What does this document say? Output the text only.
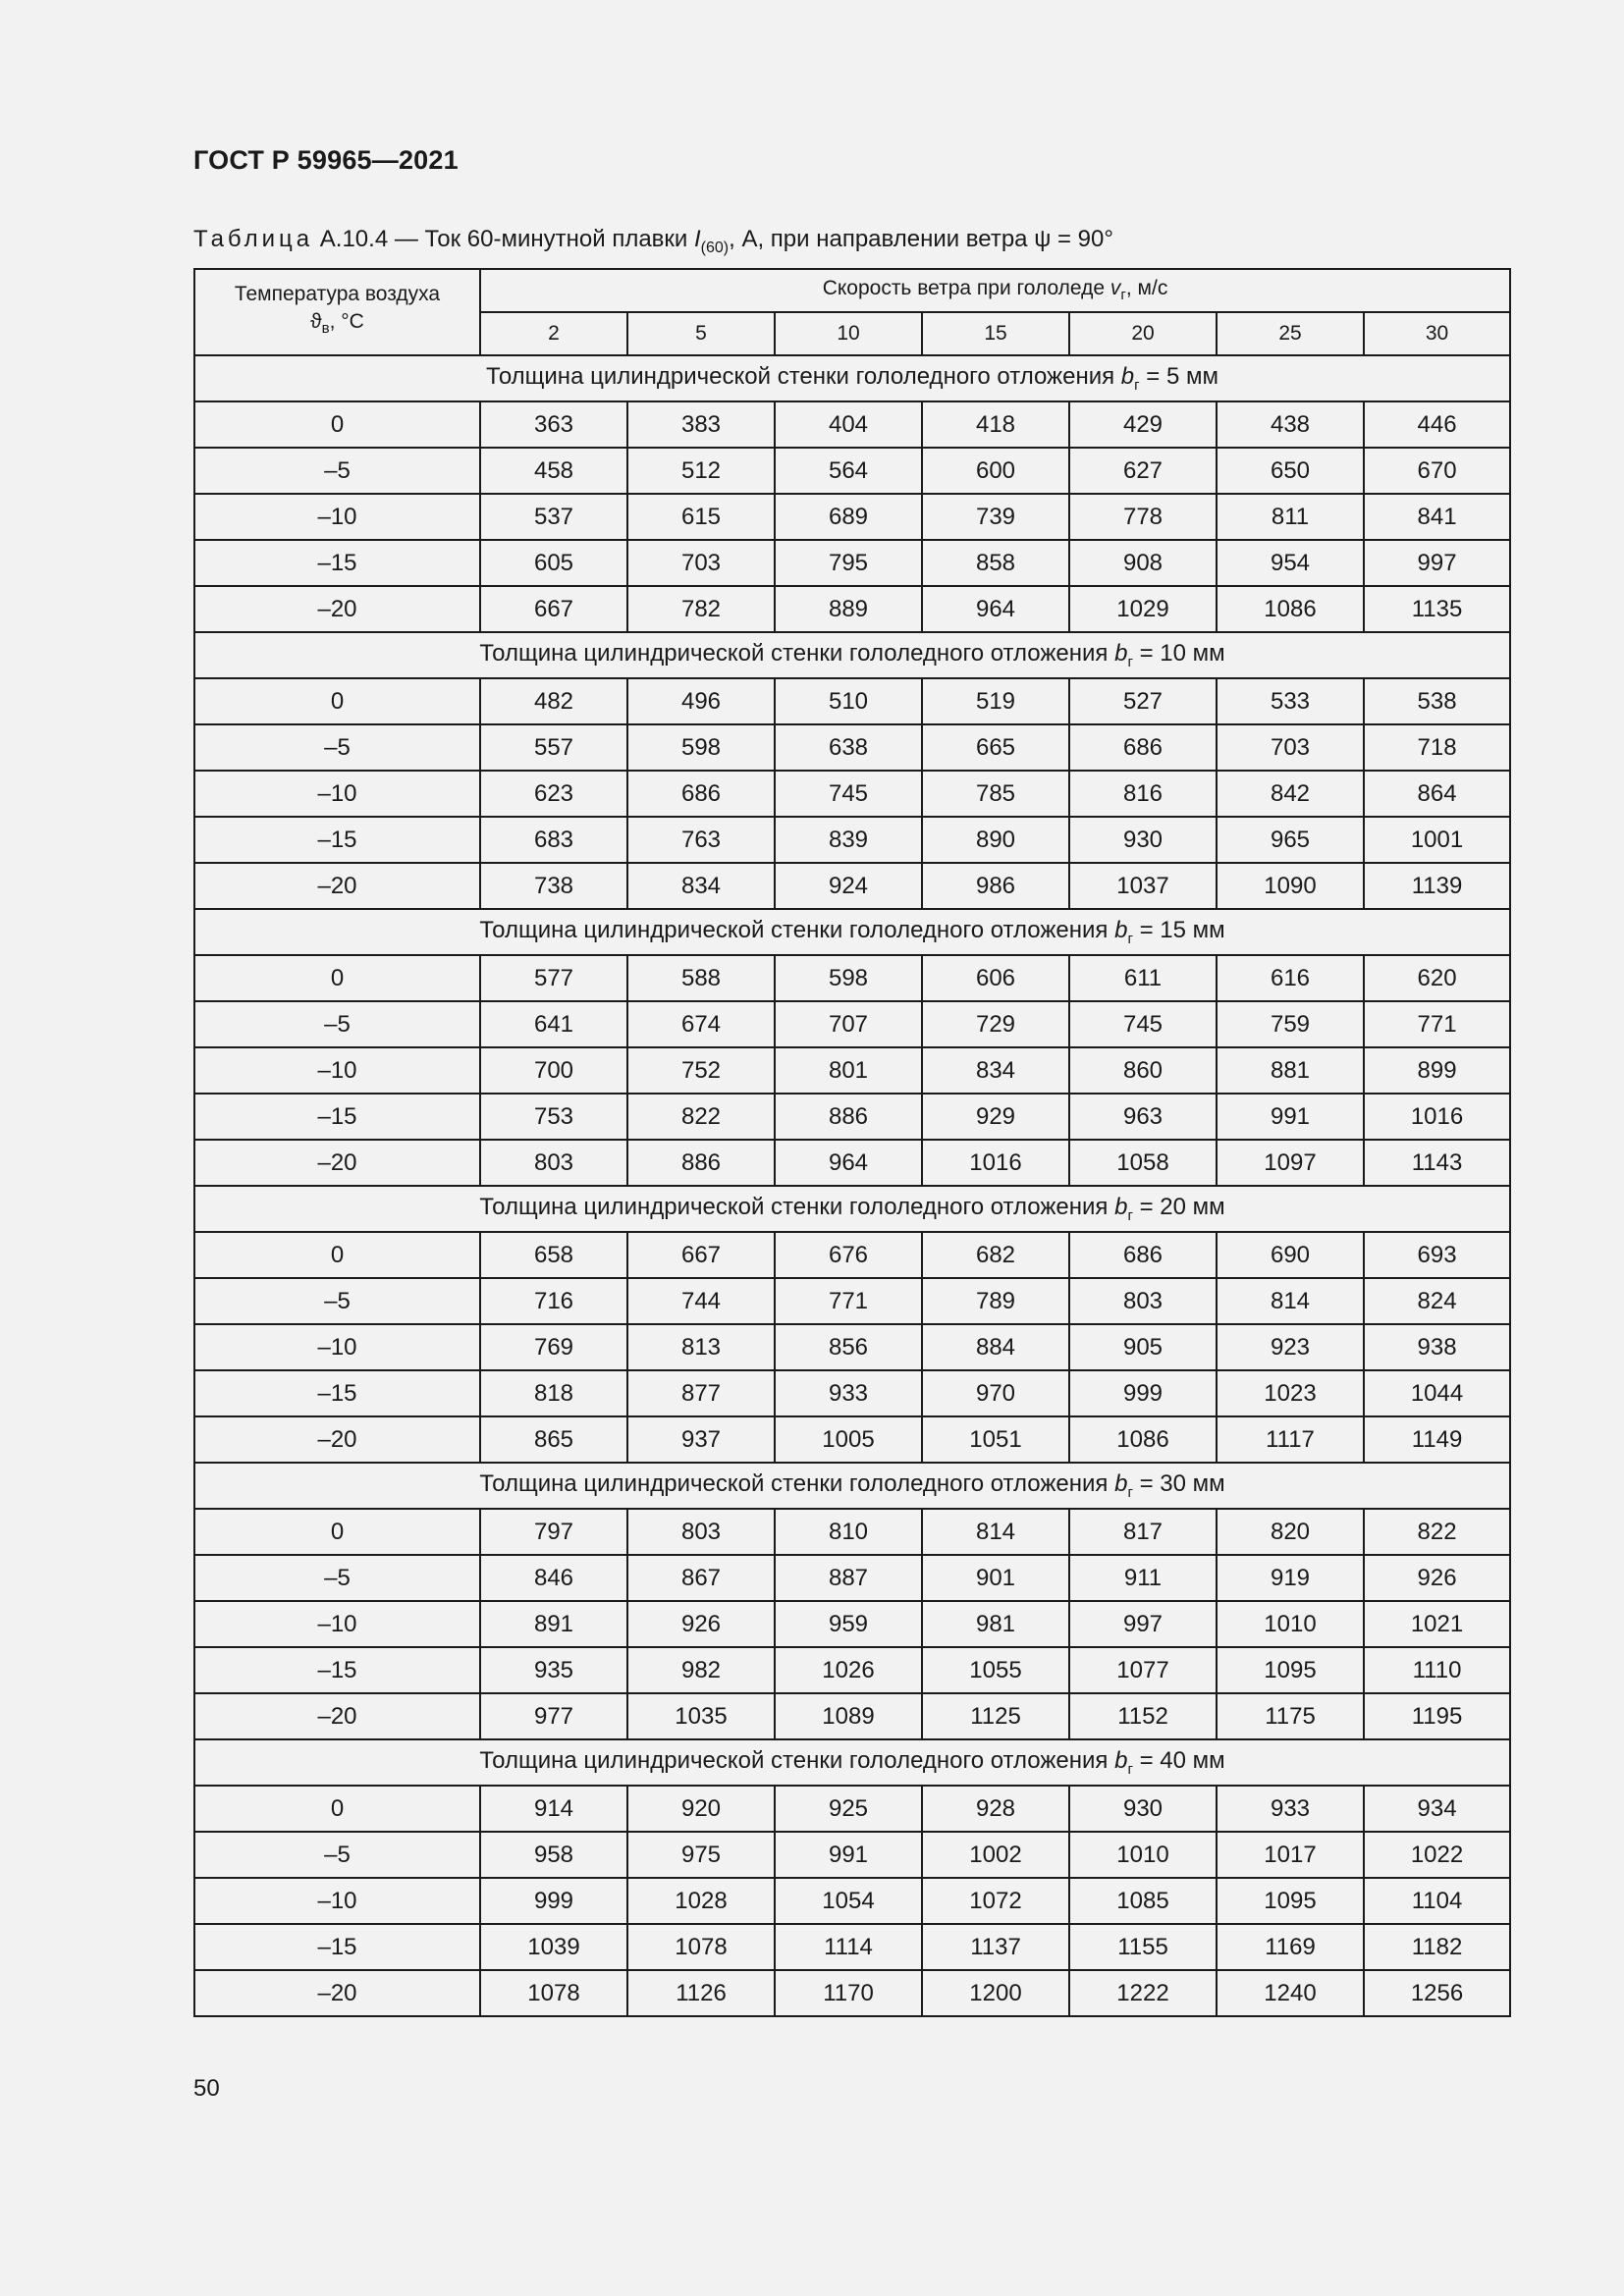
ГОСТ Р 59965—2021
Таблица А.10.4 — Ток 60-минутной плавки $I_{(60)}$, А, при направлении ветра ψ = 90°
Температура воздуха
$ϑ_в$, °С	Скорость ветра при гололеде $v_г$, м/с						
	2	5	10	15	20	25	30
Толщина цилиндрической стенки гололедного отложения $b_г = 5$ мм							
0	363	383	404	418	429	438	446
–5	458	512	564	600	627	650	670
–10	537	615	689	739	778	811	841
–15	605	703	795	858	908	954	997
–20	667	782	889	964	1029	1086	1135
Толщина цилиндрической стенки гололедного отложения $b_г = 10$ мм							
0	482	496	510	519	527	533	538
–5	557	598	638	665	686	703	718
–10	623	686	745	785	816	842	864
–15	683	763	839	890	930	965	1001
–20	738	834	924	986	1037	1090	1139
Толщина цилиндрической стенки гололедного отложения $b_г = 15$ мм							
0	577	588	598	606	611	616	620
–5	641	674	707	729	745	759	771
–10	700	752	801	834	860	881	899
–15	753	822	886	929	963	991	1016
–20	803	886	964	1016	1058	1097	1143
Толщина цилиндрической стенки гололедного отложения $b_г = 20$ мм							
0	658	667	676	682	686	690	693
–5	716	744	771	789	803	814	824
–10	769	813	856	884	905	923	938
–15	818	877	933	970	999	1023	1044
–20	865	937	1005	1051	1086	1117	1149
Толщина цилиндрической стенки гололедного отложения $b_г = 30$ мм							
0	797	803	810	814	817	820	822
–5	846	867	887	901	911	919	926
–10	891	926	959	981	997	1010	1021
–15	935	982	1026	1055	1077	1095	1110
–20	977	1035	1089	1125	1152	1175	1195
Толщина цилиндрической стенки гололедного отложения $b_г = 40$ мм							
0	914	920	925	928	930	933	934
–5	958	975	991	1002	1010	1017	1022
–10	999	1028	1054	1072	1085	1095	1104
–15	1039	1078	1114	1137	1155	1169	1182
–20	1078	1126	1170	1200	1222	1240	1256
50
